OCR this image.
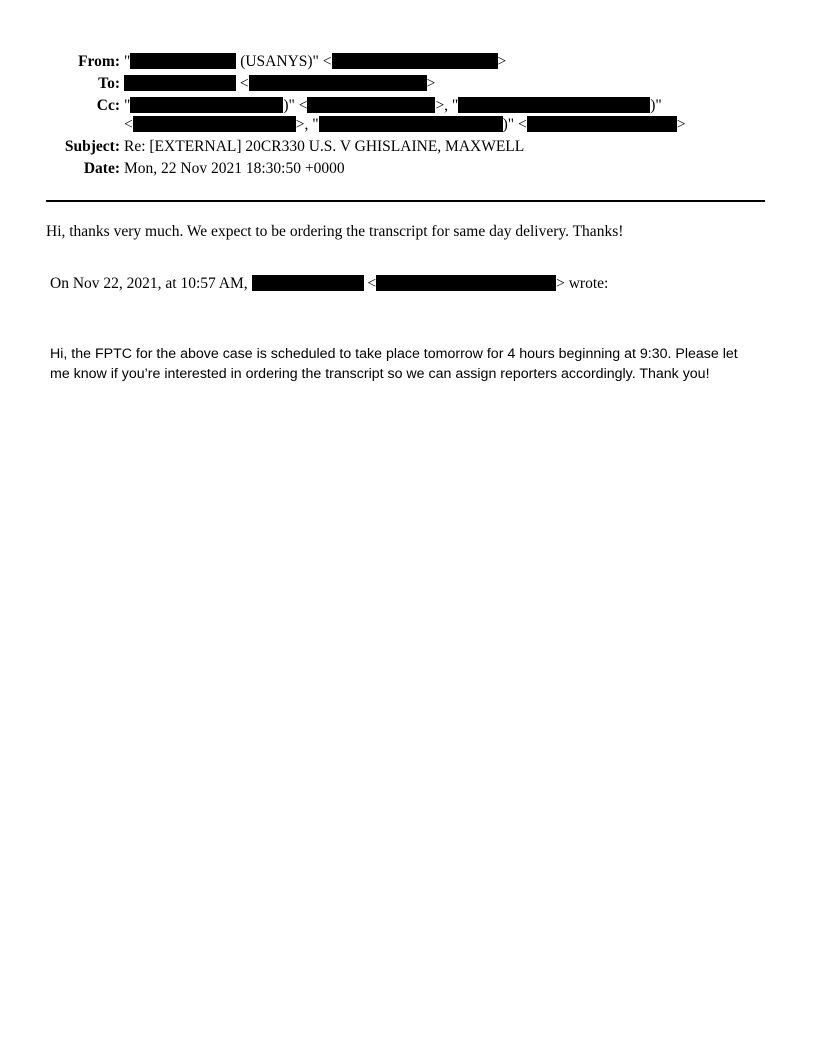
From: "	(USANYS)" <	>
To:	<	>
Cc: "	)" <	>, "	)"
<	>, "	)" <	>
Subject: Re: [EXTERNAL] 20CR330 U.S. V GHISLAINE, MAXWELL
Date: Mon, 22 Nov 2021 18:30:50 +0000
Hi, thanks very much. We expect to be ordering the transcript for same day delivery. Thanks!
On Nov 22, 2021, at 10:57 AM,	<	> wrote:
Hi, the FPTC for the above case is scheduled to take place tomorrow for 4 hours beginning at 9:30. Please let
me know if you’re interested in ordering the transcript so we can assign reporters accordingly. Thank you!
